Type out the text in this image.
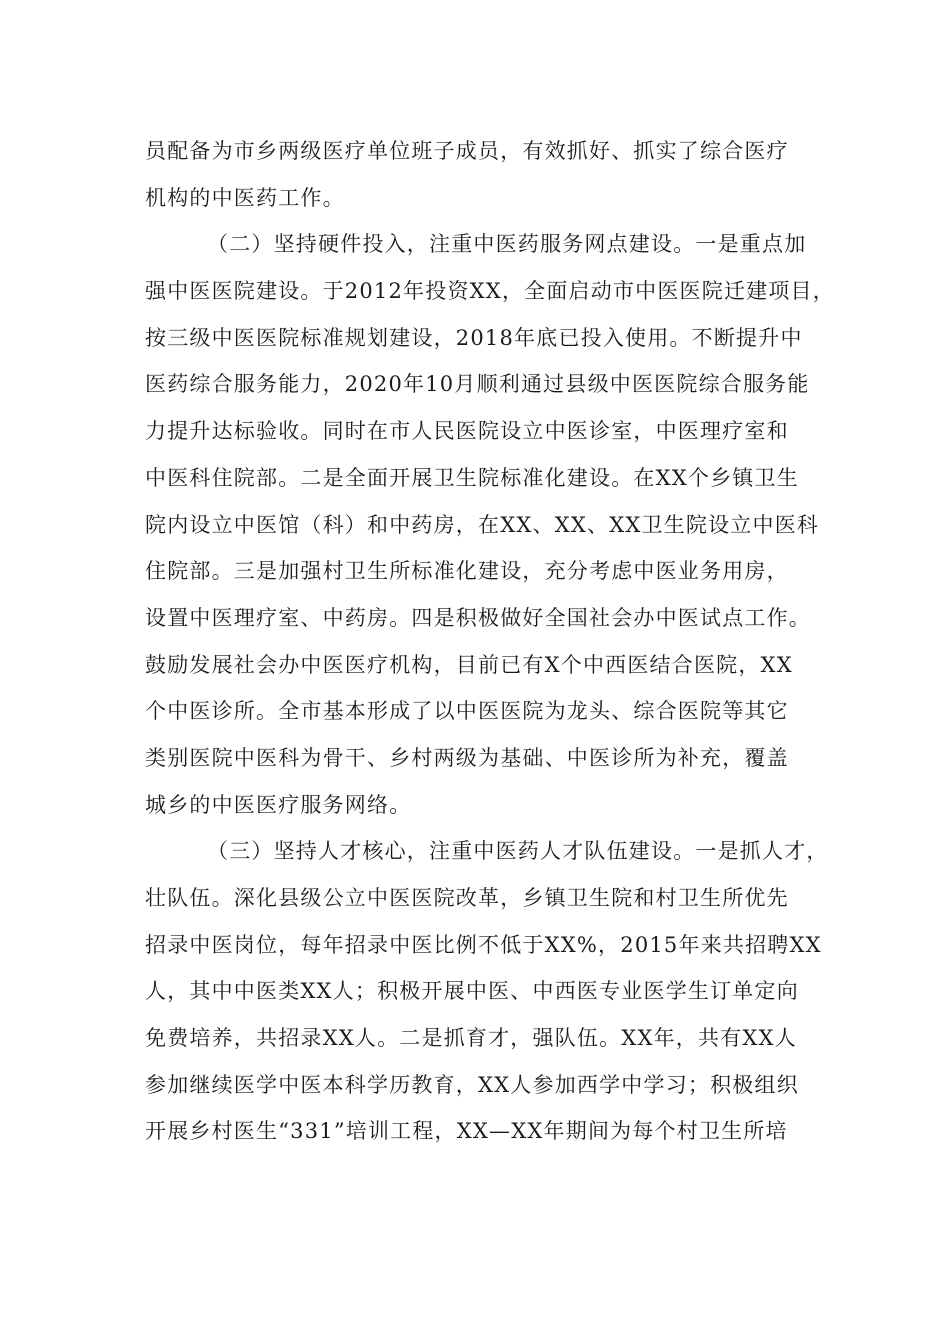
员配备为市乡两级医疗单位班子成员，有效抓好、抓实了综合医疗
机构的中医药工作。
（二）坚持硬件投入，注重中医药服务网点建设。一是重点加
强中医医院建设。于2012年投资XX，全面启动市中医医院迁建项目，
按三级中医医院标准规划建设，2018年底已投入使用。不断提升中
医药综合服务能力，2020年10月顺利通过县级中医医院综合服务能
力提升达标验收。同时在市人民医院设立中医诊室，中医理疗室和
中医科住院部。二是全面开展卫生院标准化建设。在XX个乡镇卫生
院内设立中医馆（科）和中药房，在XX、XX、XX卫生院设立中医科
住院部。三是加强村卫生所标准化建设，充分考虑中医业务用房，
设置中医理疗室、中药房。四是积极做好全国社会办中医试点工作。
鼓励发展社会办中医医疗机构，目前已有X个中西医结合医院，XX
个中医诊所。全市基本形成了以中医医院为龙头、综合医院等其它
类别医院中医科为骨干、乡村两级为基础、中医诊所为补充，覆盖
城乡的中医医疗服务网络。
（三）坚持人才核心，注重中医药人才队伍建设。一是抓人才，
壮队伍。深化县级公立中医医院改革，乡镇卫生院和村卫生所优先
招录中医岗位，每年招录中医比例不低于XX%，2015年来共招聘XX
人，其中中医类XX人；积极开展中医、中西医专业医学生订单定向
免费培养，共招录XX人。二是抓育才，强队伍。XX年，共有XX人
参加继续医学中医本科学历教育，XX人参加西学中学习；积极组织
开展乡村医生“331”培训工程，XX—XX年期间为每个村卫生所培
